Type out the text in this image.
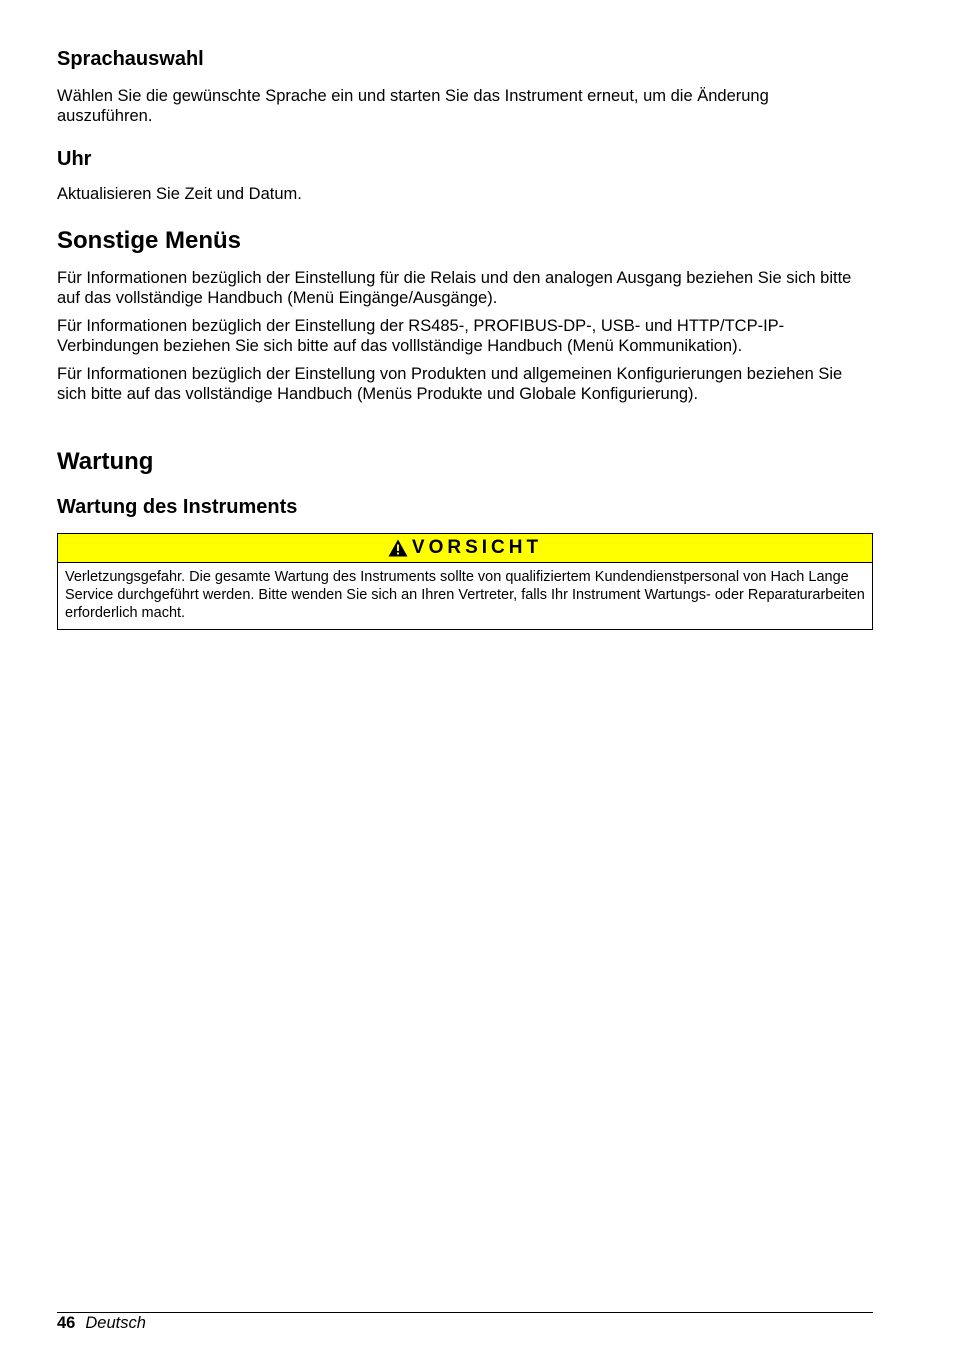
Sprachauswahl

Wählen Sie die gewünschte Sprache ein und starten Sie das Instrument erneut, um die Änderung auszuführen.

Uhr

Aktualisieren Sie Zeit und Datum.

Sonstige Menüs

Für Informationen bezüglich der Einstellung für die Relais und den analogen Ausgang beziehen Sie sich bitte auf das vollständige Handbuch (Menü Eingänge/Ausgänge).

Für Informationen bezüglich der Einstellung der RS485-, PROFIBUS-DP-, USB- und HTTP/TCP-IP-Verbindungen beziehen Sie sich bitte auf das volllständige Handbuch (Menü Kommunikation).

Für Informationen bezüglich der Einstellung von Produkten und allgemeinen Konfigurierungen beziehen Sie sich bitte auf das vollständige Handbuch (Menüs Produkte und Globale Konfigurierung).

Wartung
Wartung des Instruments
VORSICHT
Verletzungsgefahr. Die gesamte Wartung des Instruments sollte von qualifiziertem Kundendienstpersonal von Hach Lange Service durchgeführt werden. Bitte wenden Sie sich an Ihren Vertreter, falls Ihr Instrument Wartungs- oder Reparaturarbeiten erforderlich macht.
46 Deutsch
